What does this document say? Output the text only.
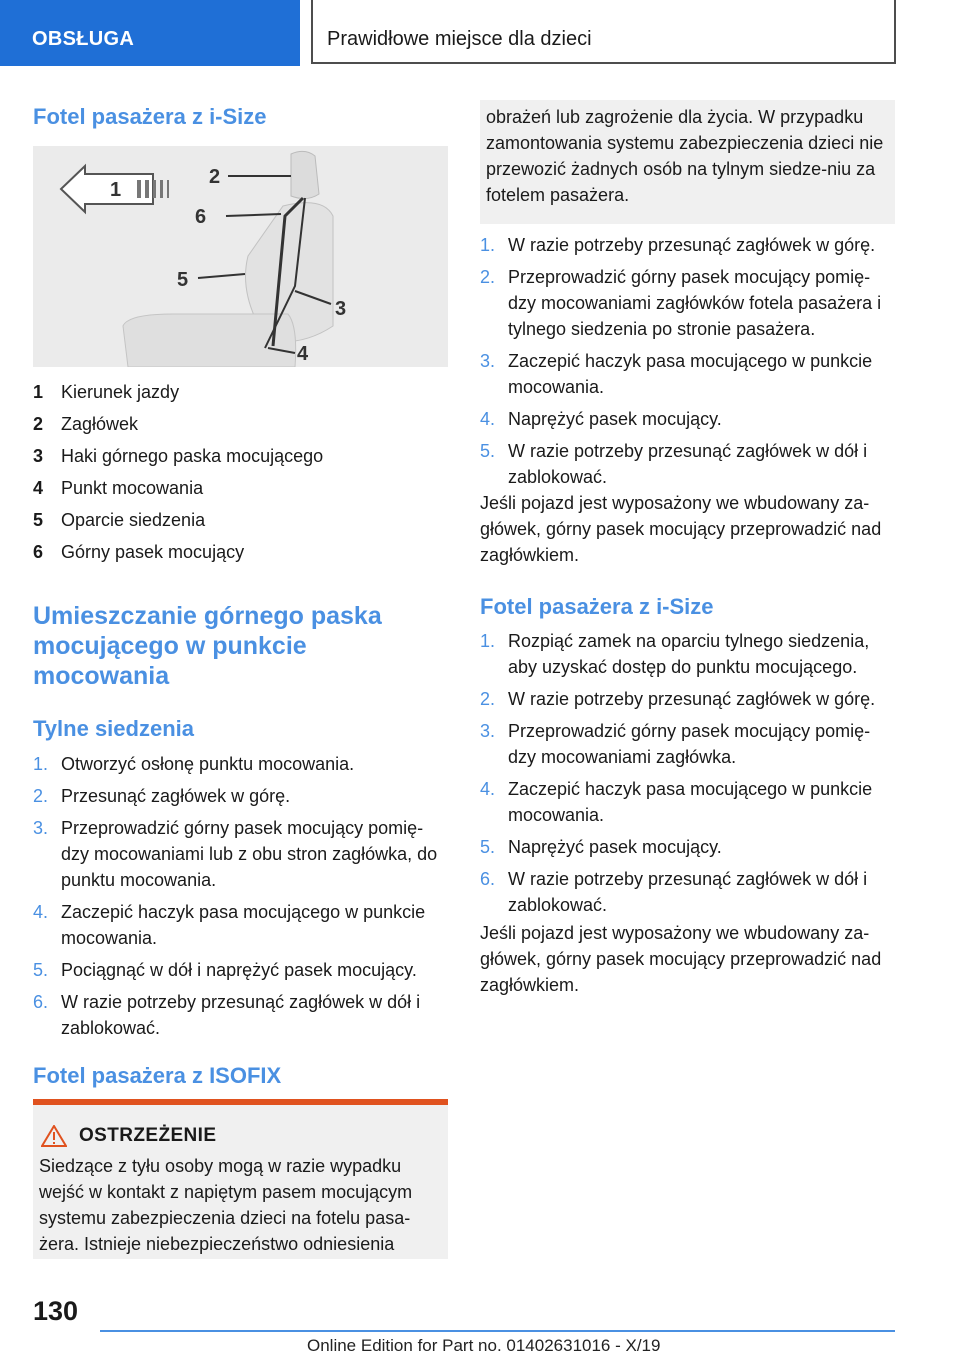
OBSŁUGA	Prawidłowe miejsce dla dzieci
Fotel pasażera z i-Size
1
2
6
5
3
4
1 Kierunek jazdy
2 Zagłówek
3 Haki górnego paska mocującego
4 Punkt mocowania
5 Oparcie siedzenia
6 Górny pasek mocujący
Umieszczanie górnego paska mocującego w punkcie mocowania
Tylne siedzenia
1. Otworzyć osłonę punktu mocowania.
2. Przesunąć zagłówek w górę.
3. Przeprowadzić górny pasek mocujący pomię-dzy mocowaniami lub z obu stron zagłówka, do punktu mocowania.
4. Zaczepić haczyk pasa mocującego w punkcie mocowania.
5. Pociągnąć w dół i naprężyć pasek mocujący.
6. W razie potrzeby przesunąć zagłówek w dół i zablokować.
Fotel pasażera z ISOFIX
OSTRZEŻENIE

Siedzące z tyłu osoby mogą w razie wypadku wejść w kontakt z napiętym pasem mocującym systemu zabezpieczenia dzieci na fotelu pasa-żera. Istnieje niebezpieczeństwo odniesienia

obrażeń lub zagrożenie dla życia. W przypadku zamontowania systemu zabezpieczenia dzieci nie przewozić żadnych osób na tylnym siedze-niu za fotelem pasażera.

1. W razie potrzeby przesunąć zagłówek w górę.
2. Przeprowadzić górny pasek mocujący pomię-dzy mocowaniami zagłówków fotela pasażera i tylnego siedzenia po stronie pasażera.
3. Zaczepić haczyk pasa mocującego w punkcie mocowania.
4. Naprężyć pasek mocujący.
5. W razie potrzeby przesunąć zagłówek w dół i zablokować.

Jeśli pojazd jest wyposażony we wbudowany za-główek, górny pasek mocujący przeprowadzić nad zagłówkiem.

Fotel pasażera z i-Size
1. Rozpiąć zamek na oparciu tylnego siedzenia, aby uzyskać dostęp do punktu mocującego.
2. W razie potrzeby przesunąć zagłówek w górę.
3. Przeprowadzić górny pasek mocujący pomię-dzy mocowaniami zagłówka.
4. Zaczepić haczyk pasa mocującego w punkcie mocowania.
5. Naprężyć pasek mocujący.
6. W razie potrzeby przesunąć zagłówek w dół i zablokować.

Jeśli pojazd jest wyposażony we wbudowany za-główek, górny pasek mocujący przeprowadzić nad zagłówkiem.

130
Online Edition for Part no. 01402631016 - X/19
